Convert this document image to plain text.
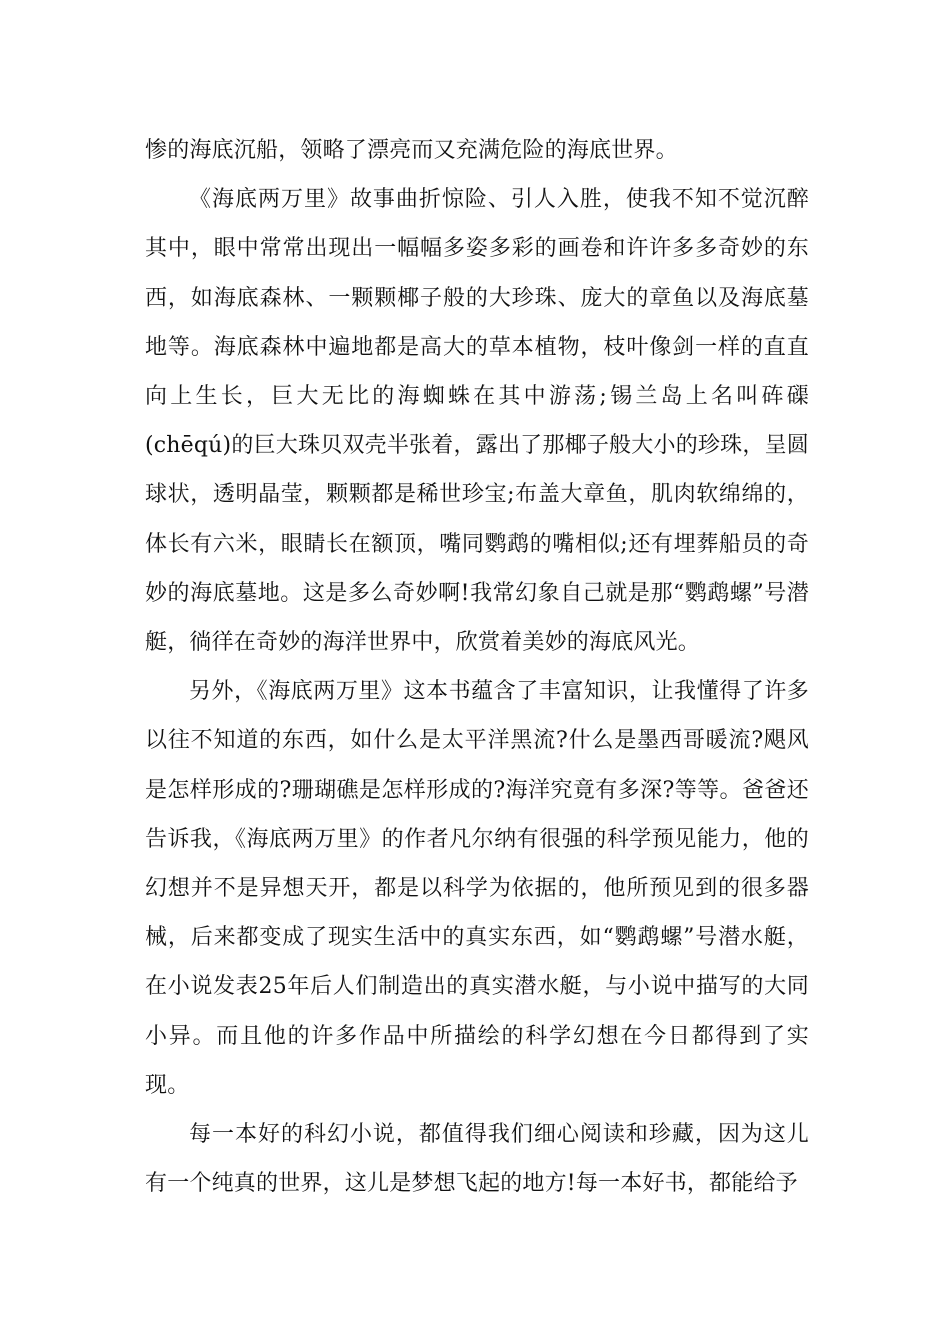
惨的海底沉船，领略了漂亮而又充满危险的海底世界。

《海底两万里》故事曲折惊险、引人入胜，使我不知不觉沉醉其中，眼中常常出现出一幅幅多姿多彩的画卷和许许多多奇妙的东西，如海底森林、一颗颗椰子般的大珍珠、庞大的章鱼以及海底墓地等。海底森林中遍地都是高大的草本植物，枝叶像剑一样的直直向上生长，巨大无比的海蜘蛛在其中游荡;锡兰岛上名叫砗磲(chēqú)的巨大珠贝双壳半张着，露出了那椰子般大小的珍珠，呈圆球状，透明晶莹，颗颗都是稀世珍宝;布盖大章鱼，肌肉软绵绵的，体长有六米，眼睛长在额顶，嘴同鹦鹉的嘴相似;还有埋葬船员的奇妙的海底墓地。这是多么奇妙啊!我常幻象自己就是那“鹦鹉螺”号潜艇，徜徉在奇妙的海洋世界中，欣赏着美妙的海底风光。

另外，《海底两万里》这本书蕴含了丰富知识，让我懂得了许多以往不知道的东西，如什么是太平洋黑流?什么是墨西哥暖流?飓风是怎样形成的?珊瑚礁是怎样形成的?海洋究竟有多深?等等。爸爸还告诉我，《海底两万里》的作者凡尔纳有很强的科学预见能力，他的幻想并不是异想天开，都是以科学为依据的，他所预见到的很多器械，后来都变成了现实生活中的真实东西，如“鹦鹉螺”号潜水艇，在小说发表25年后人们制造出的真实潜水艇，与小说中描写的大同小异。而且他的许多作品中所描绘的科学幻想在今日都得到了实现。

每一本好的科幻小说，都值得我们细心阅读和珍藏，因为这儿有一个纯真的世界，这儿是梦想飞起的地方!每一本好书，都能给予
